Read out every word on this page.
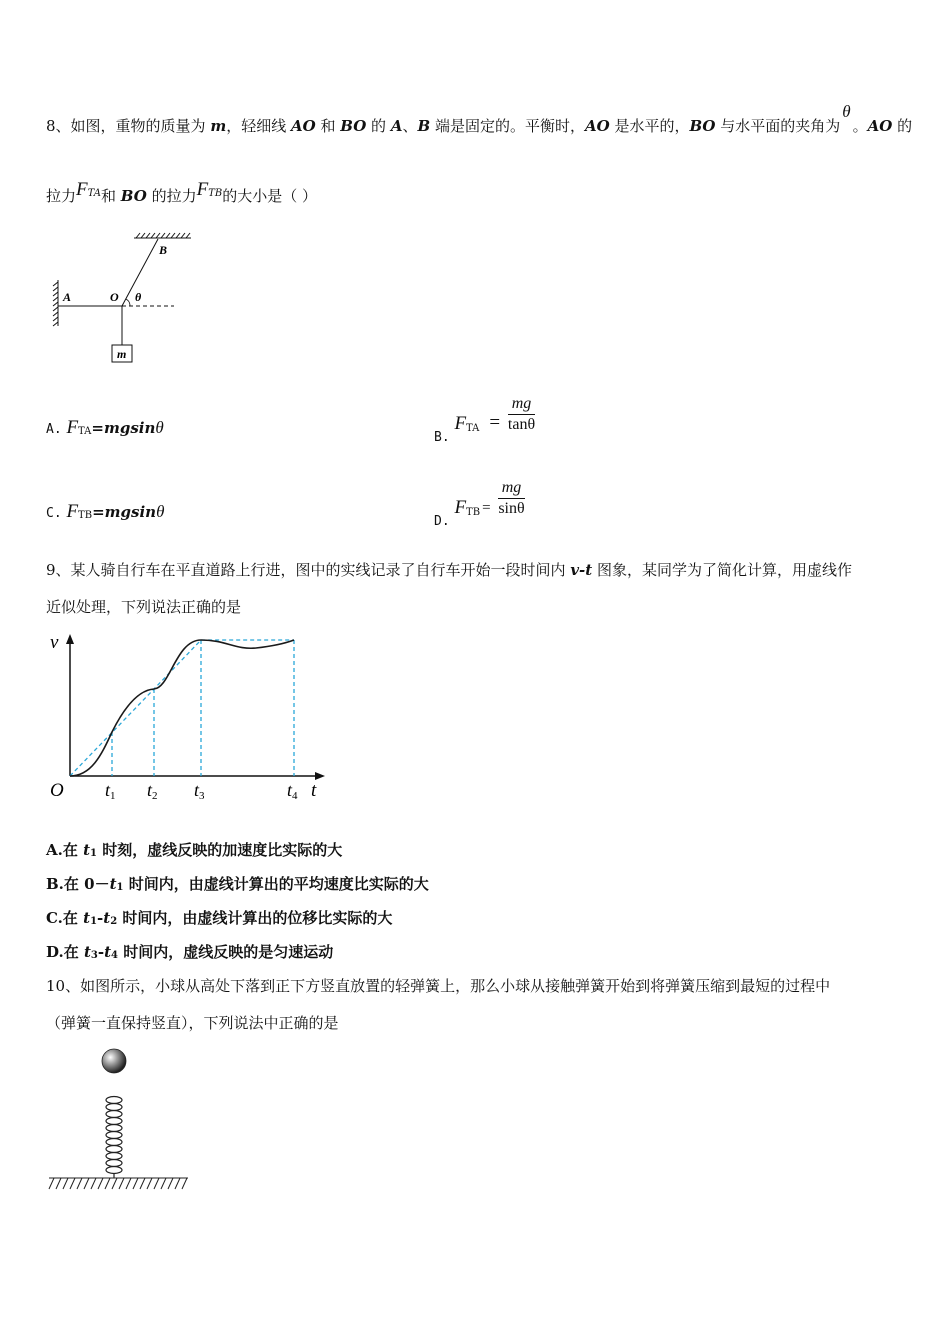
8、如图，重物的质量为 m，轻细线 AO 和 BO 的 A、B 端是固定的。平衡时，AO 是水平的，BO 与水平面的夹角为θ。AO 的
拉力$F^{TA}$和 BO 的拉力$F^{TB}$的大小是（ ）
A
B
O θ
m
A. FTA=mgsinθ	B. $F_{TA} = \frac{mg}{\tan\theta}$
C. FTB=mgsinθ	D. $F_{TB} = \frac{mg}{\sin\theta}$
9、某人骑自行车在平直道路上行进，图中的实线记录了自行车开始一段时间内 v-t 图象，某同学为了简化计算，用虚线作
近似处理，下列说法正确的是
v
t
O t1 t2 t3	t4
A.在 t1 时刻，虚线反映的加速度比实际的大
B.在 0－t1 时间内，由虚线计算出的平均速度比实际的大
C.在 t1-t2 时间内，由虚线计算出的位移比实际的大
D.在 t3-t4 时间内，虚线反映的是匀速运动
10、如图所示，小球从高处下落到正下方竖直放置的轻弹簧上，那么小球从接触弹簧开始到将弹簧压缩到最短的过程中
（弹簧一直保持竖直），下列说法中正确的是
